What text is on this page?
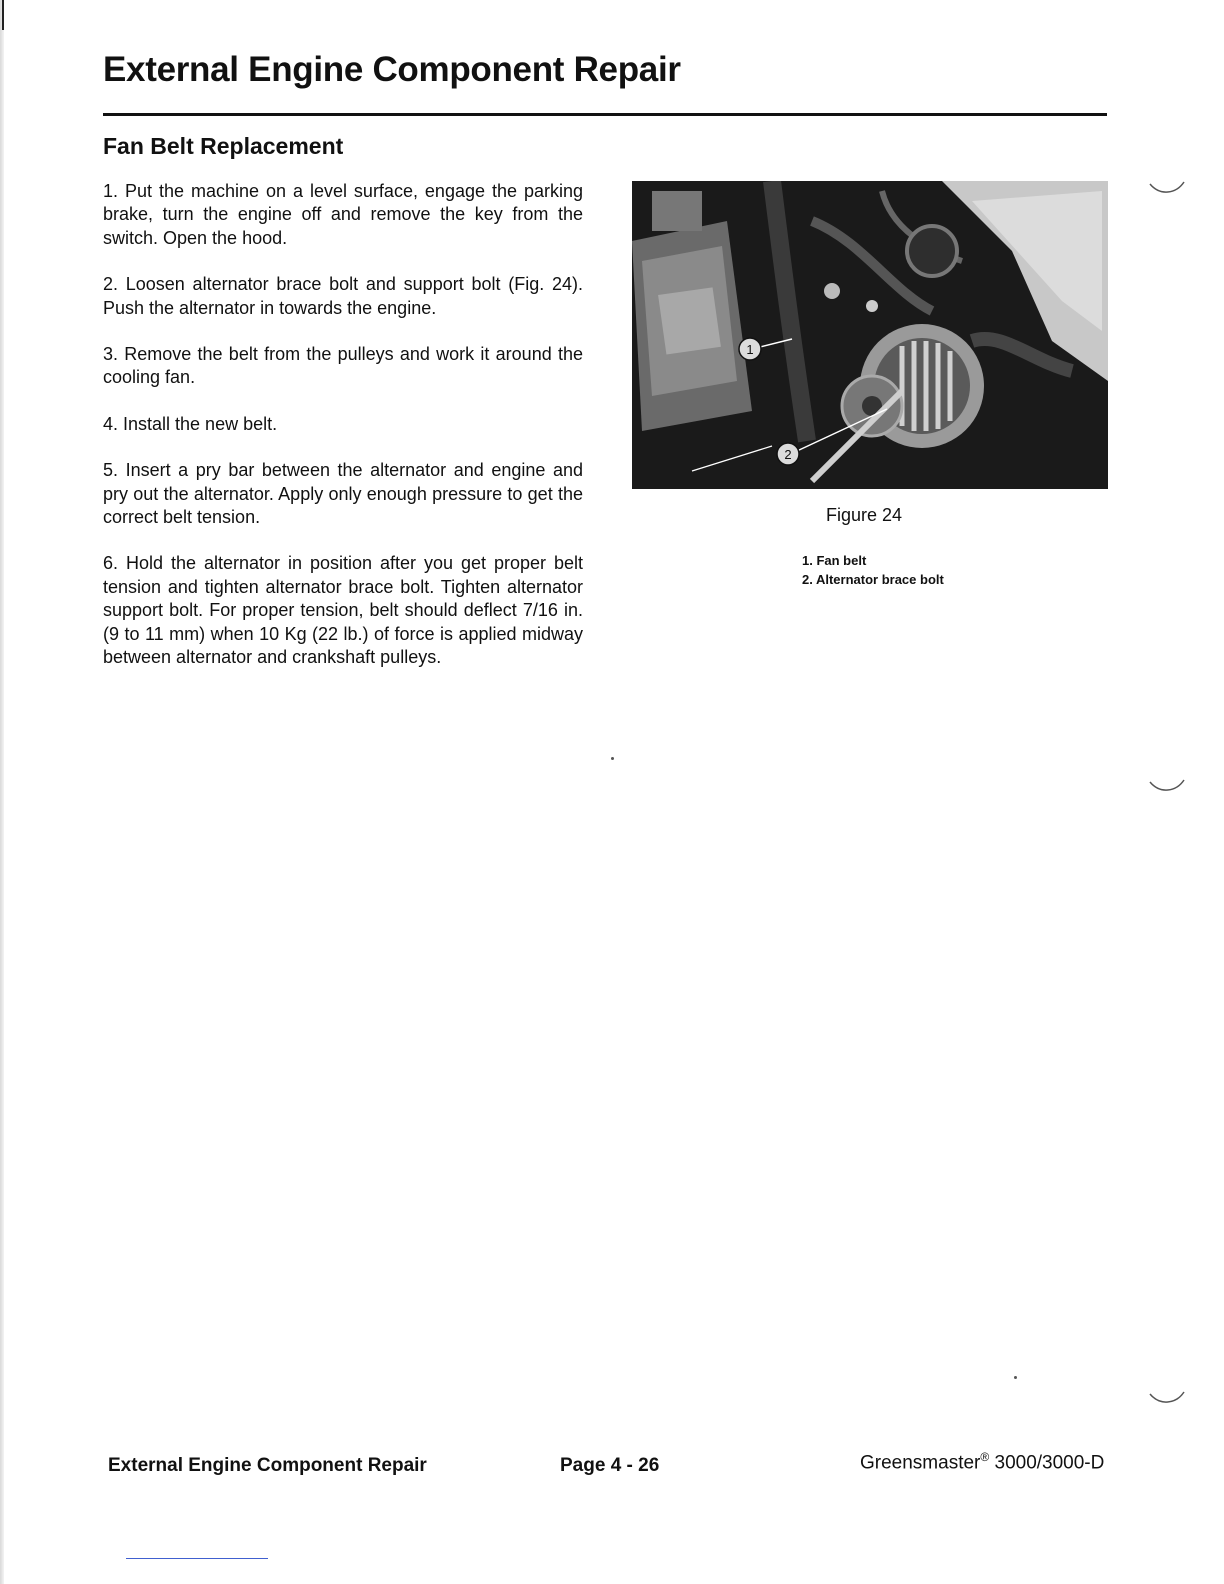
External Engine Component Repair
Fan Belt Replacement

1. Put the machine on a level surface, engage the parking brake, turn the engine off and remove the key from the switch. Open the hood.

2. Loosen alternator brace bolt and support bolt (Fig. 24). Push the alternator in towards the engine.

3. Remove the belt from the pulleys and work it around the cooling fan.

4. Install the new belt.

5. Insert a pry bar between the alternator and engine and pry out the alternator. Apply only enough pressure to get the correct belt tension.

6. Hold the alternator in position after you get proper belt tension and tighten alternator brace bolt. Tighten alternator support bolt. For proper tension, belt should deflect 7/16 in. (9 to 11 mm) when 10 Kg (22 lb.) of force is applied midway between alternator and crankshaft pulleys.

1
2

Figure 24

1. Fan belt
2. Alternator brace bolt
External Engine Component Repair	Page 4 - 26	Greensmaster® 3000/3000-D
